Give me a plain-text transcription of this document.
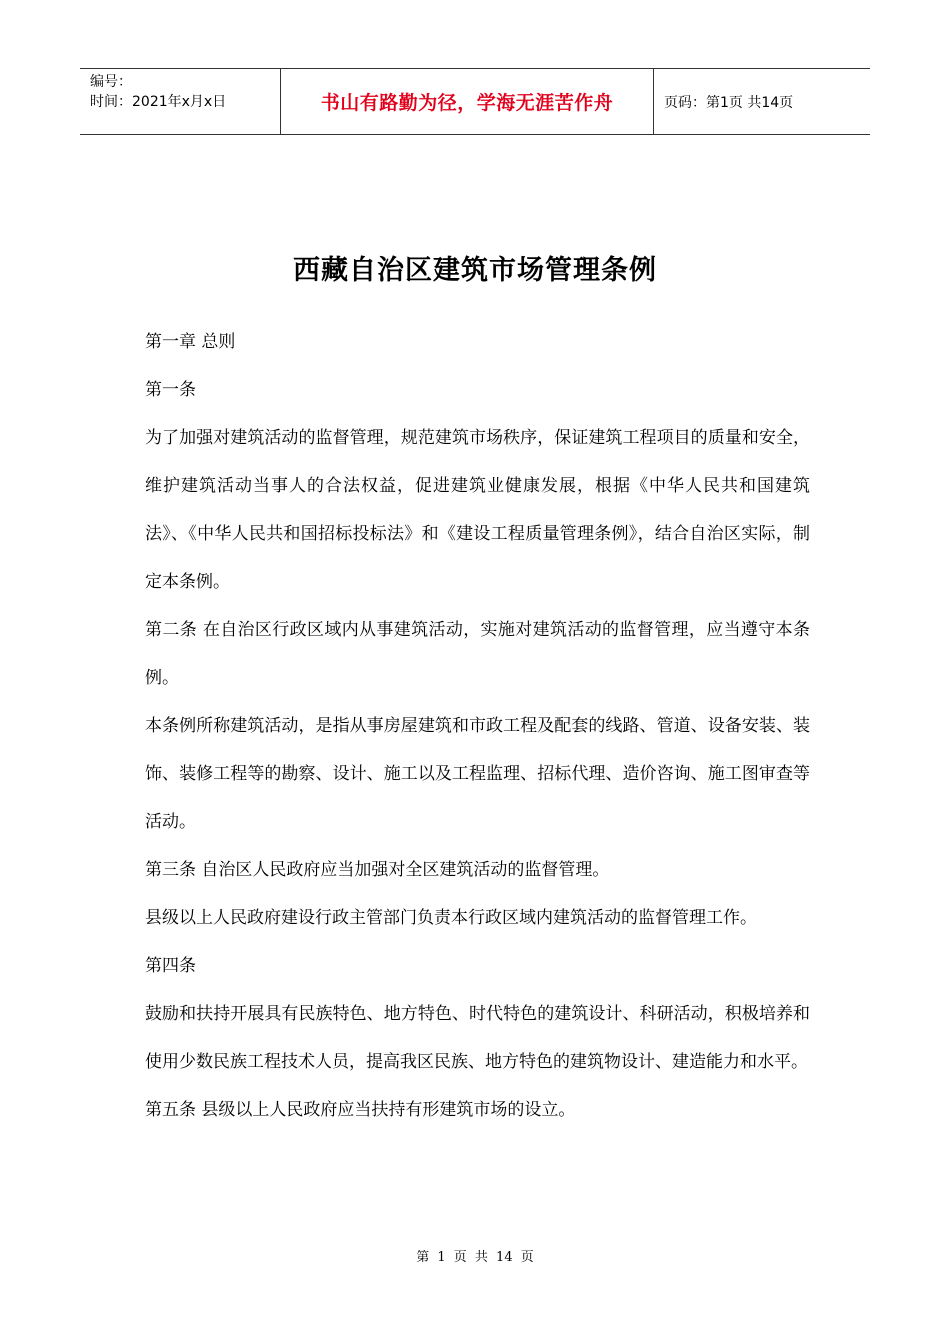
编号：
时间：2021年x月x日	书山有路勤为径，学海无涯苦作舟	页码：第1页 共14页
西藏自治区建筑市场管理条例

第一章 总则

第一条

为了加强对建筑活动的监督管理，规范建筑市场秩序，保证建筑工程项目的质量和安全，维护建筑活动当事人的合法权益，促进建筑业健康发展，根据《中华人民共和国建筑法》、《中华人民共和国招标投标法》和《建设工程质量管理条例》，结合自治区实际，制定本条例。

第二条 在自治区行政区域内从事建筑活动，实施对建筑活动的监督管理，应当遵守本条例。

本条例所称建筑活动，是指从事房屋建筑和市政工程及配套的线路、管道、设备安装、装饰、装修工程等的勘察、设计、施工以及工程监理、招标代理、造价咨询、施工图审查等活动。

第三条 自治区人民政府应当加强对全区建筑活动的监督管理。

县级以上人民政府建设行政主管部门负责本行政区域内建筑活动的监督管理工作。

第四条

鼓励和扶持开展具有民族特色、地方特色、时代特色的建筑设计、科研活动，积极培养和使用少数民族工程技术人员，提高我区民族、地方特色的建筑物设计、建造能力和水平。

第五条 县级以上人民政府应当扶持有形建筑市场的设立。

第 1 页 共 14 页
